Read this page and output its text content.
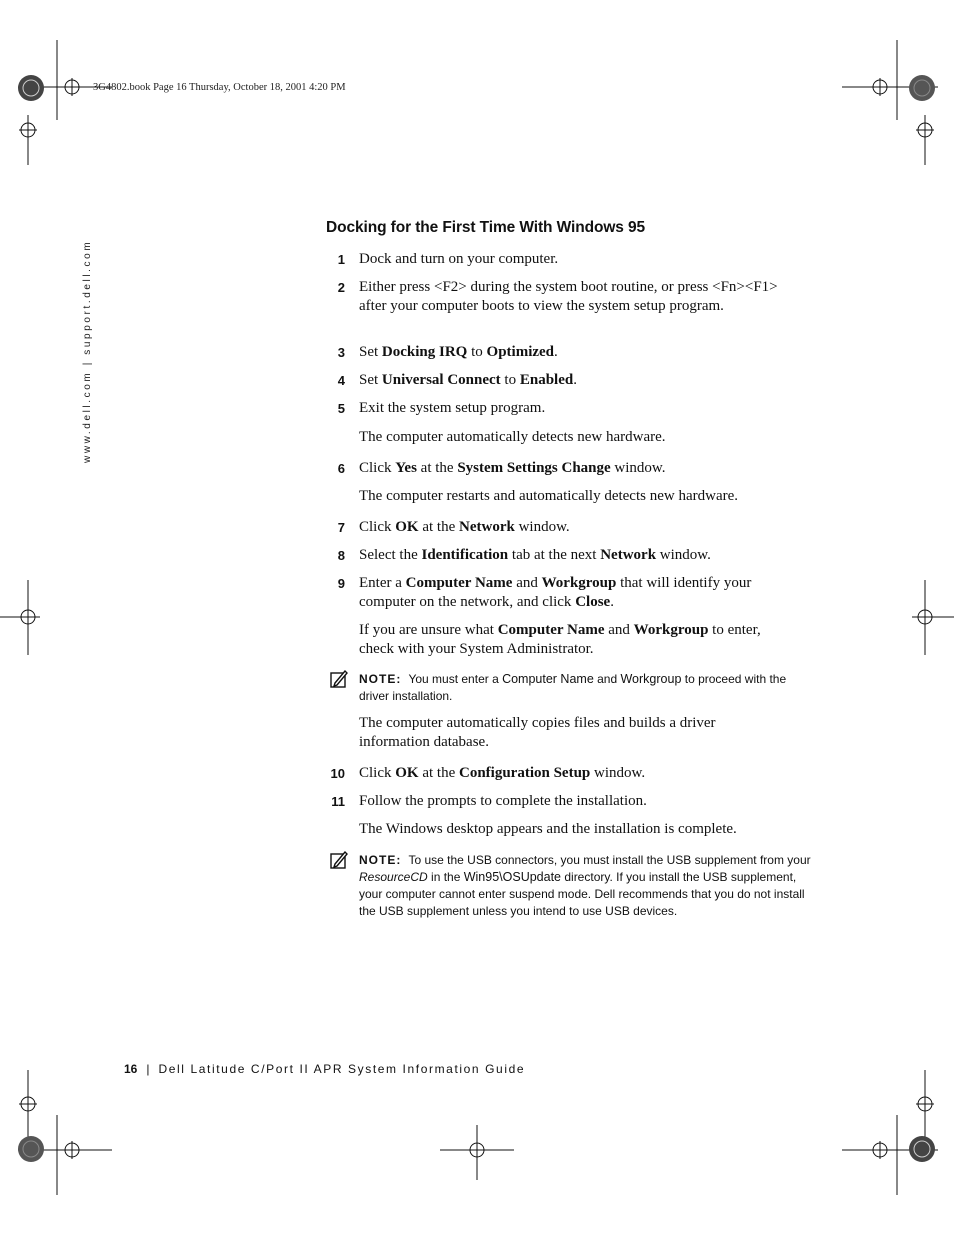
3G4802.book Page 16 Thursday, October 18, 2001 4:20 PM
www.dell.com | support.dell.com
Docking for the First Time With Windows 95
1 Dock and turn on your computer.
2 Either press <F2> during the system boot routine, or press <Fn><F1> after your computer boots to view the system setup program.
3 Set Docking IRQ to Optimized.
4 Set Universal Connect to Enabled.
5 Exit the system setup program.
The computer automatically detects new hardware.
6 Click Yes at the System Settings Change window.
The computer restarts and automatically detects new hardware.
7 Click OK at the Network window.
8 Select the Identification tab at the next Network window.
9 Enter a Computer Name and Workgroup that will identify your computer on the network, and click Close.
If you are unsure what Computer Name and Workgroup to enter, check with your System Administrator.
NOTE: You must enter a Computer Name and Workgroup to proceed with the driver installation.
The computer automatically copies files and builds a driver information database.
10 Click OK at the Configuration Setup window.
11 Follow the prompts to complete the installation.
The Windows desktop appears and the installation is complete.
NOTE: To use the USB connectors, you must install the USB supplement from your ResourceCD in the Win95\OSUpdate directory. If you install the USB supplement, your computer cannot enter suspend mode. Dell recommends that you do not install the USB supplement unless you intend to use USB devices.
16 | Dell Latitude C/Port II APR System Information Guide
